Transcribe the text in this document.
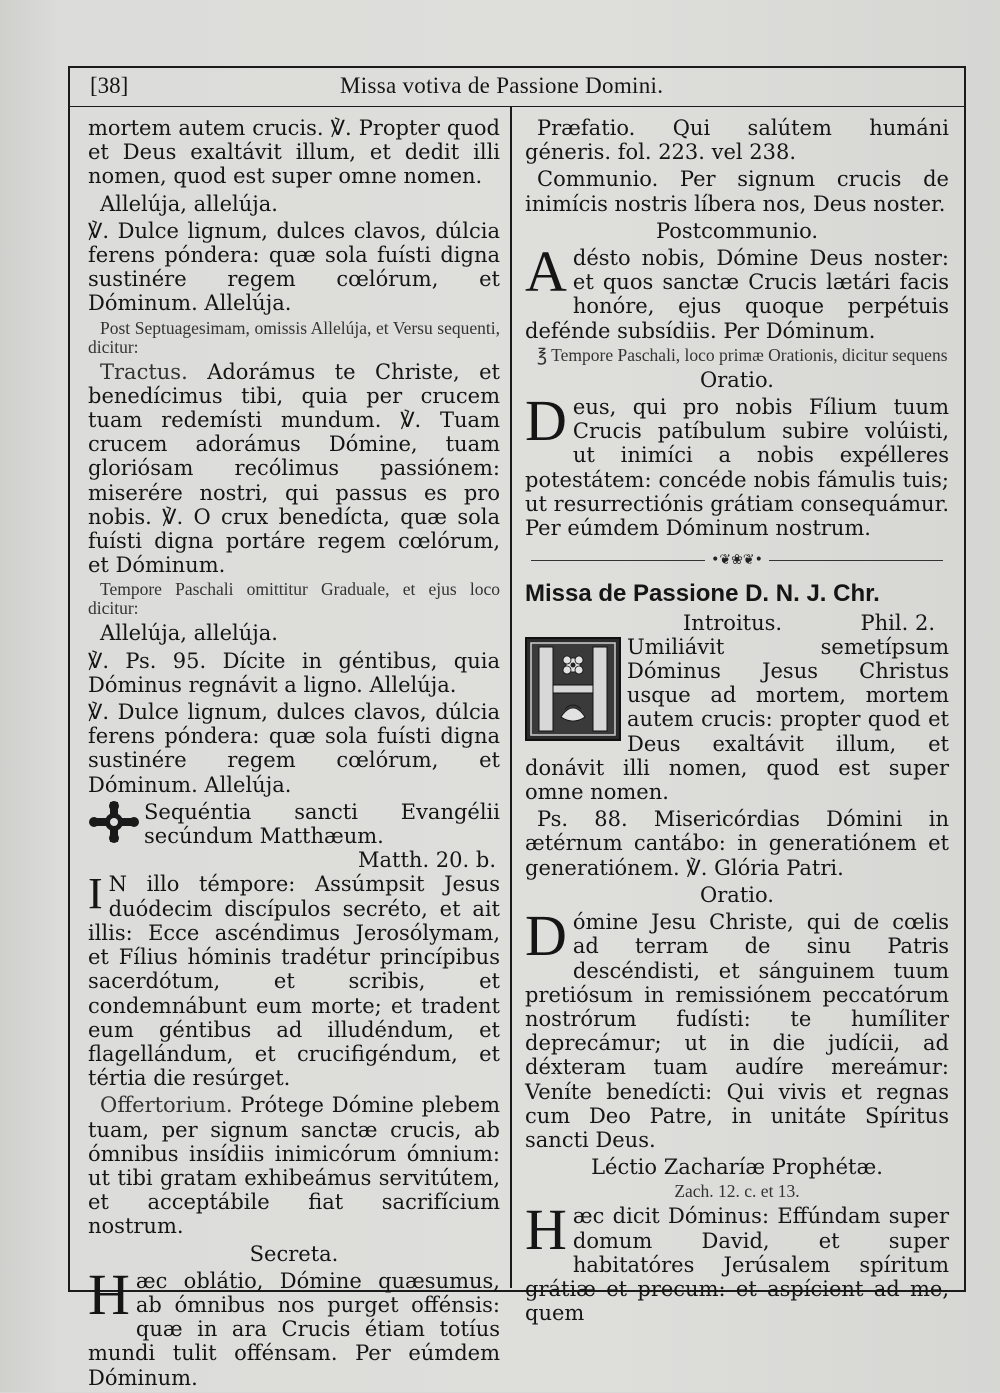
[38]	Missa votiva de Passione Domini.

mortem autem crucis. ℣. Propter quod et Deus exaltávit illum, et dedit illi nomen, quod est super omne nomen.

Allelúja, allelúja.

℣. Dulce lignum, dulces clavos, dúlcia ferens póndera: quæ sola fuísti digna sustinére regem cœlórum, et Dóminum. Allelúja.

Post Septuagesimam, omissis Allelúja, et Versu sequenti, dicitur:

Tractus. Adorámus te Christe, et benedícimus tibi, quia per crucem tuam redemísti mundum. ℣. Tuam crucem adorámus Dómine, tuam gloriósam recólimus passiónem: miserére nostri, qui passus es pro nobis. ℣. O crux benedícta, quæ sola fuísti digna portáre regem cœlórum, et Dóminum.

Tempore Paschali omittitur Graduale, et ejus loco dicitur:

Allelúja, allelúja.

℣. Ps. 95. Dícite in géntibus, quia Dóminus regnávit a ligno. Allelúja.

℣. Dulce lignum, dulces clavos, dúlcia ferens póndera: quæ sola fuísti digna sustinére regem cœlórum, et Dóminum. Allelúja.

Sequéntia sancti Evangélii secúndum Matthæum.
Matth. 20. b.

I N illo témpore: Assúmpsit Jesus duódecim discípulos secréto, et ait illis: Ecce ascéndimus Jerosólymam, et Fílius hóminis tradétur princípibus sacerdótum, et scribis, et condemnábunt eum morte; et tradent eum géntibus ad illudéndum, et flagellándum, et crucifigéndum, et tértia die resúrget.

Offertorium. Prótege Dómine plebem tuam, per signum sanctæ crucis, ab ómnibus insídiis inimicórum ómnium: ut tibi gratam exhibeámus servitútem, et acceptábile fiat sacrifícium nostrum.

Secreta.

Hæc oblátio, Dómine quæsumus, ab ómnibus nos purget offénsis: quæ in ara Crucis étiam totíus mundi tulit offénsam. Per eúmdem Dóminum.

Præfatio. Qui salútem humáni géneris. fol. 223. vel 238.

Communio. Per signum crucis de inimícis nostris líbera nos, Deus noster.

Postcommunio.

Adésto nobis, Dómine Deus noster: et quos sanctæ Crucis lætári facis honóre, ejus quoque perpétuis defénde subsídiis. Per Dóminum.

℥ Tempore Paschali, loco primæ Orationis, dicitur sequens

Oratio.

Deus, qui pro nobis Fílium tuum Crucis patíbulum subire volúisti, ut inimíci a nobis expélleres potestátem: concéde nobis fámulis tuis; ut resurrectiónis grátiam consequámur. Per eúmdem Dóminum nostrum.

•❦❀❦•
Missa de Passione D. N. J. Chr.
Introitus.	Phil. 2.

Umiliávit semetípsum Dóminus Jesus Christus usque ad mortem, mortem autem crucis: propter quod et Deus exaltávit illum, et donávit illi nomen, quod est super omne nomen.

Ps. 88. Misericórdias Dómini in ætérnum cantábo: in generatiónem et generatiónem. ℣. Glória Patri.

Oratio.

Dómine Jesu Christe, qui de cœlis ad terram de sinu Patris descéndisti, et sánguinem tuum pretiósum in remissiónem peccatórum nostrórum fudísti: te humíliter deprecámur; ut in die judícii, ad déxteram tuam audíre mereámur: Veníte benedícti: Qui vivis et regnas cum Deo Patre, in unitáte Spíritus sancti Deus.

Léctio Zacharíæ Prophétæ.

Zach. 12. c. et 13.

Hæc dicit Dóminus: Effúndam super domum David, et super habitatóres Jerúsalem spíritum grátiæ et precum: et aspícient ad me, quem
